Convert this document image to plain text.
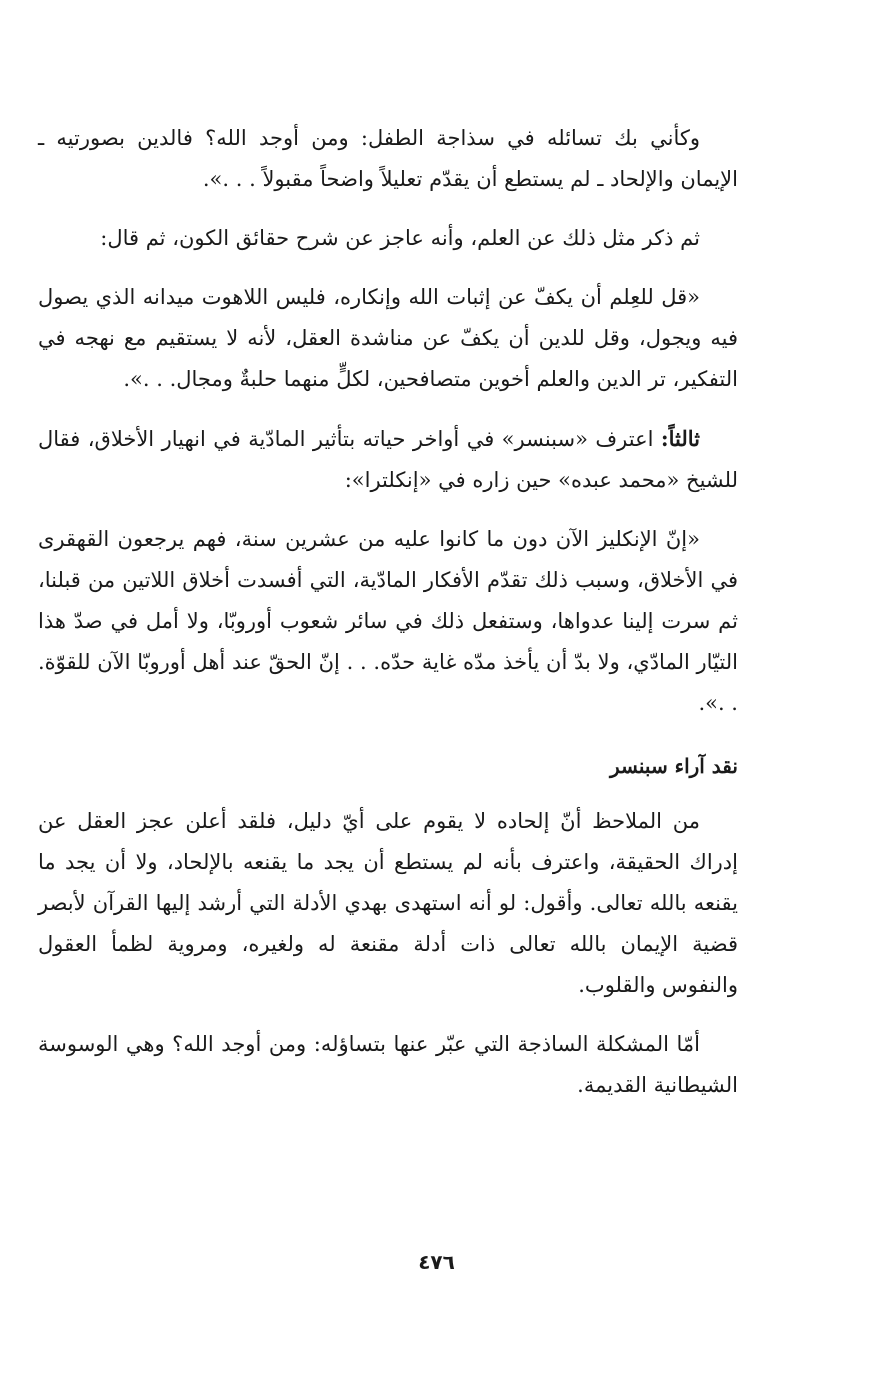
وكأني بك تسائله في سذاجة الطفل: ومن أوجد الله؟ فالدين بصورتيه ـ الإيمان والإلحاد ـ لم يستطع أن يقدّم تعليلاً واضحاً مقبولاً . . .».

ثم ذكر مثل ذلك عن العلم، وأنه عاجز عن شرح حقائق الكون، ثم قال:

«قل للعِلم أن يكفّ عن إثبات الله وإنكاره، فليس اللاهوت ميدانه الذي يصول فيه ويجول، وقل للدين أن يكفّ عن مناشدة العقل، لأنه لا يستقيم مع نهجه في التفكير، تر الدين والعلم أخوين متصافحين، لكلٍّ منهما حلبةٌ ومجال. . .».

ثالثاً: اعترف «سبنسر» في أواخر حياته بتأثير المادّية في انهيار الأخلاق، فقال للشيخ «محمد عبده» حين زاره في «إنكلترا»:

«إنّ الإنكليز الآن دون ما كانوا عليه من عشرين سنة، فهم يرجعون القهقرى في الأخلاق، وسبب ذلك تقدّم الأفكار المادّية، التي أفسدت أخلاق اللاتين من قبلنا، ثم سرت إلينا عدواها، وستفعل ذلك في سائر شعوب أوروبّا، ولا أمل في صدّ هذا التيّار المادّي، ولا بدّ أن يأخذ مدّه غاية حدّه. . . إنّ الحقّ عند أهل أوروبّا الآن للقوّة. . .».

نقد آراء سبنسر

من الملاحظ أنّ إلحاده لا يقوم على أيّ دليل، فلقد أعلن عجز العقل عن إدراك الحقيقة، واعترف بأنه لم يستطع أن يجد ما يقنعه بالإلحاد، ولا أن يجد ما يقنعه بالله تعالى. وأقول: لو أنه استهدى بهدي الأدلة التي أرشد إليها القرآن لأبصر قضية الإيمان بالله تعالى ذات أدلة مقنعة له ولغيره، ومروية لظمأ العقول والنفوس والقلوب.

أمّا المشكلة الساذجة التي عبّر عنها بتساؤله: ومن أوجد الله؟ وهي الوسوسة الشيطانية القديمة.

٤٧٦
